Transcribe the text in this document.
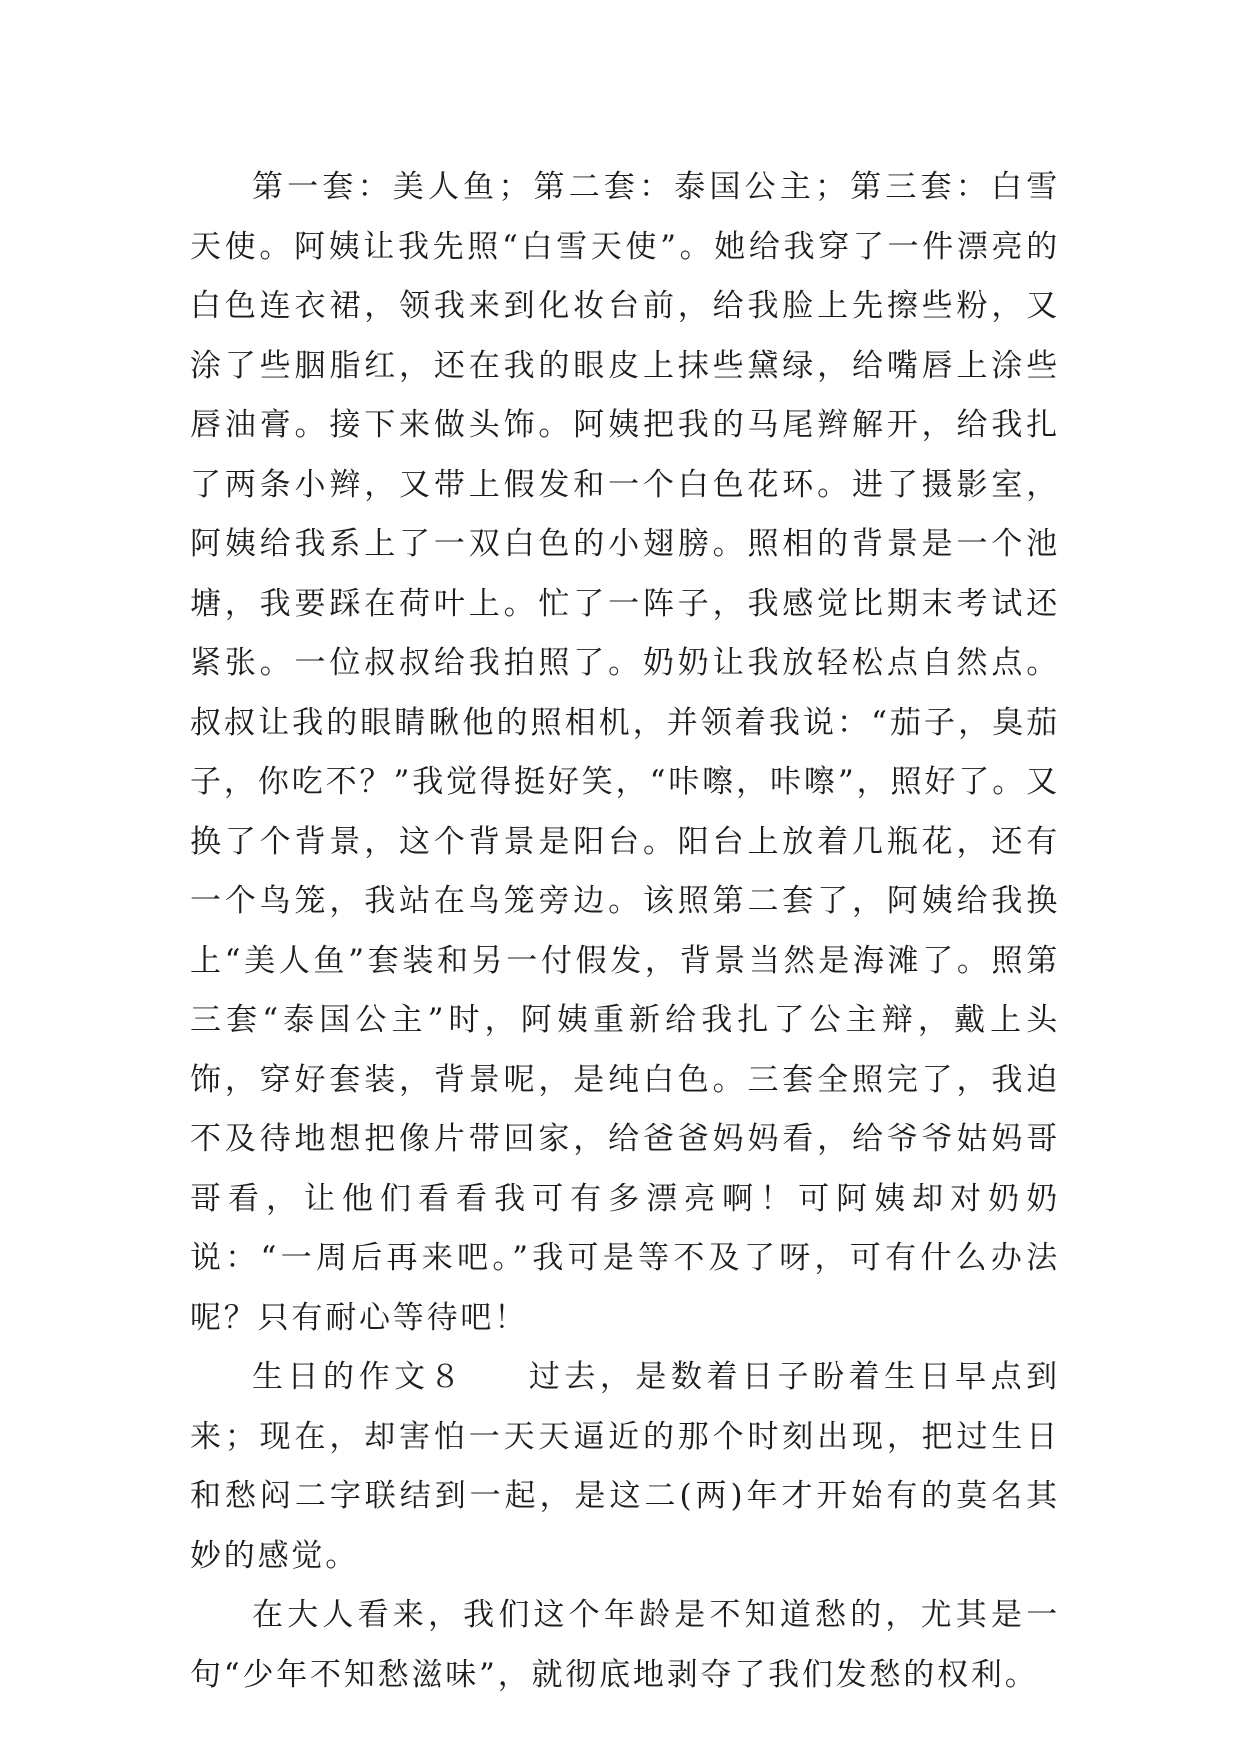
第一套：美人鱼；第二套：泰国公主；第三套：白雪天使。阿姨让我先照“白雪天使”。她给我穿了一件漂亮的白色连衣裙，领我来到化妆台前，给我脸上先擦些粉，又涂了些胭脂红，还在我的眼皮上抹些黛绿，给嘴唇上涂些唇油膏。接下来做头饰。阿姨把我的马尾辫解开，给我扎了两条小辫，又带上假发和一个白色花环。进了摄影室，阿姨给我系上了一双白色的小翅膀。照相的背景是一个池塘，我要踩在荷叶上。忙了一阵子，我感觉比期末考试还紧张。一位叔叔给我拍照了。奶奶让我放轻松点自然点。叔叔让我的眼睛瞅他的照相机，并领着我说：“茄子，臭茄子，你吃不？”我觉得挺好笑，“咔嚓，咔嚓”，照好了。又换了个背景，这个背景是阳台。阳台上放着几瓶花，还有一个鸟笼，我站在鸟笼旁边。该照第二套了，阿姨给我换上“美人鱼”套装和另一付假发，背景当然是海滩了。照第三套“泰国公主”时，阿姨重新给我扎了公主辩，戴上头饰，穿好套装，背景呢，是纯白色。三套全照完了，我迫不及待地想把像片带回家，给爸爸妈妈看，给爷爷姑妈哥哥看，让他们看看我可有多漂亮啊！可阿姨却对奶奶说：“一周后再来吧。”我可是等不及了呀，可有什么办法呢？只有耐心等待吧！

生日的作文８ 过去，是数着日子盼着生日早点到来；现在，却害怕一天天逼近的那个时刻出现，把过生日和愁闷二字联结到一起，是这二(两)年才开始有的莫名其妙的感觉。

在大人看来，我们这个年龄是不知道愁的，尤其是一句“少年不知愁滋味”，就彻底地剥夺了我们发愁的权利。
